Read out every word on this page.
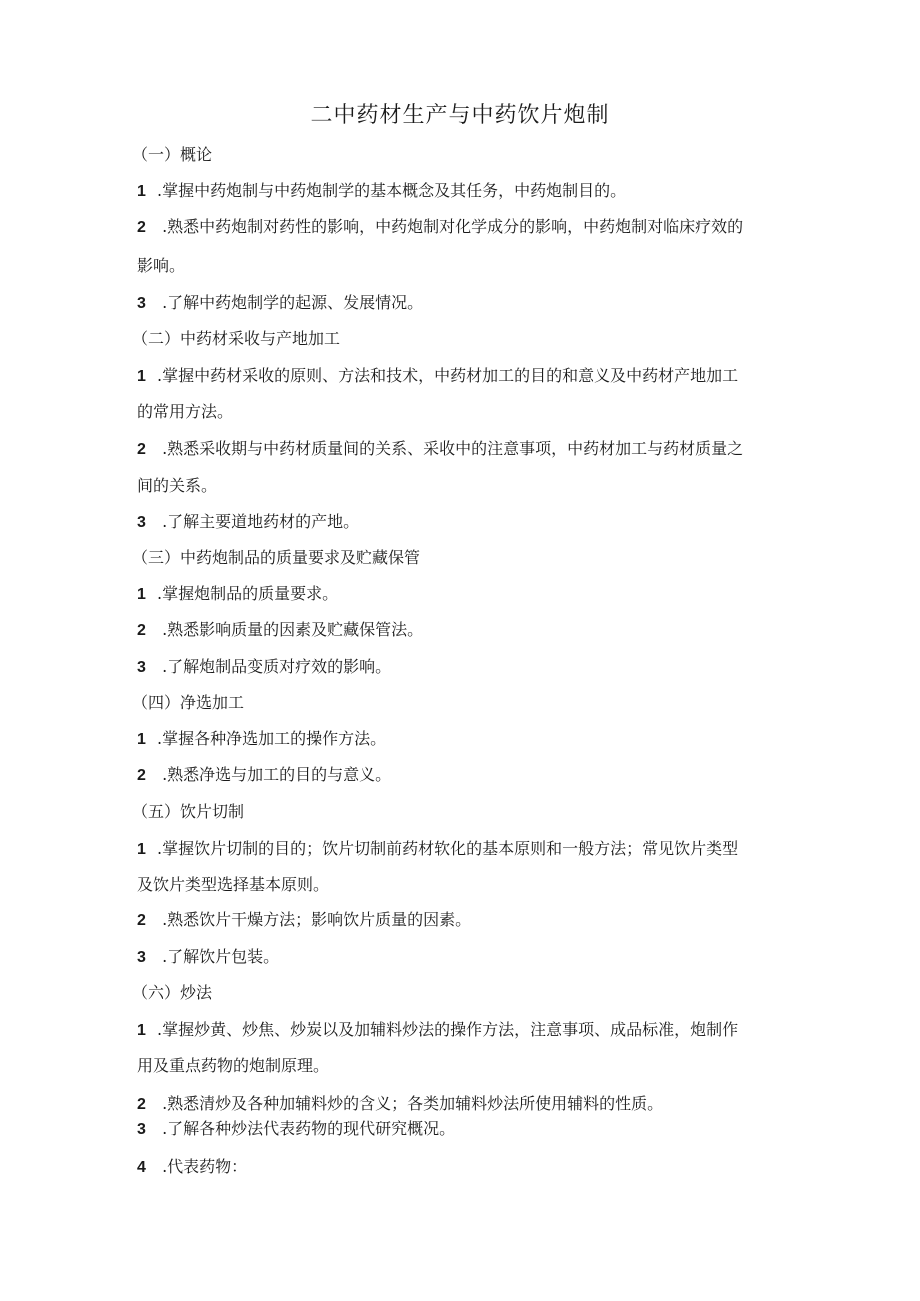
二中药材生产与中药饮片炮制
（一）概论
1 .掌握中药炮制与中药炮制学的基本概念及其任务，中药炮制目的。
2 .熟悉中药炮制对药性的影响，中药炮制对化学成分的影响，中药炮制对临床疗效的
影响。
3 .了解中药炮制学的起源、发展情况。
（二）中药材采收与产地加工
1 .掌握中药材采收的原则、方法和技术，中药材加工的目的和意义及中药材产地加工
的常用方法。
2 .熟悉采收期与中药材质量间的关系、采收中的注意事项，中药材加工与药材质量之
间的关系。
3 .了解主要道地药材的产地。
（三）中药炮制品的质量要求及贮藏保管
1 .掌握炮制品的质量要求。
2 .熟悉影响质量的因素及贮藏保管法。
3 .了解炮制品变质对疗效的影响。
（四）净选加工
1 .掌握各种净选加工的操作方法。
2 .熟悉净选与加工的目的与意义。
（五）饮片切制
1 .掌握饮片切制的目的；饮片切制前药材软化的基本原则和一般方法；常见饮片类型
及饮片类型选择基本原则。
2 .熟悉饮片干燥方法；影响饮片质量的因素。
3 .了解饮片包装。
（六）炒法
1 .掌握炒黄、炒焦、炒炭以及加辅料炒法的操作方法，注意事项、成品标准，炮制作
用及重点药物的炮制原理。
2 .熟悉清炒及各种加辅料炒的含义；各类加辅料炒法所使用辅料的性质。
3 .了解各种炒法代表药物的现代研究概况。
4 .代表药物：
